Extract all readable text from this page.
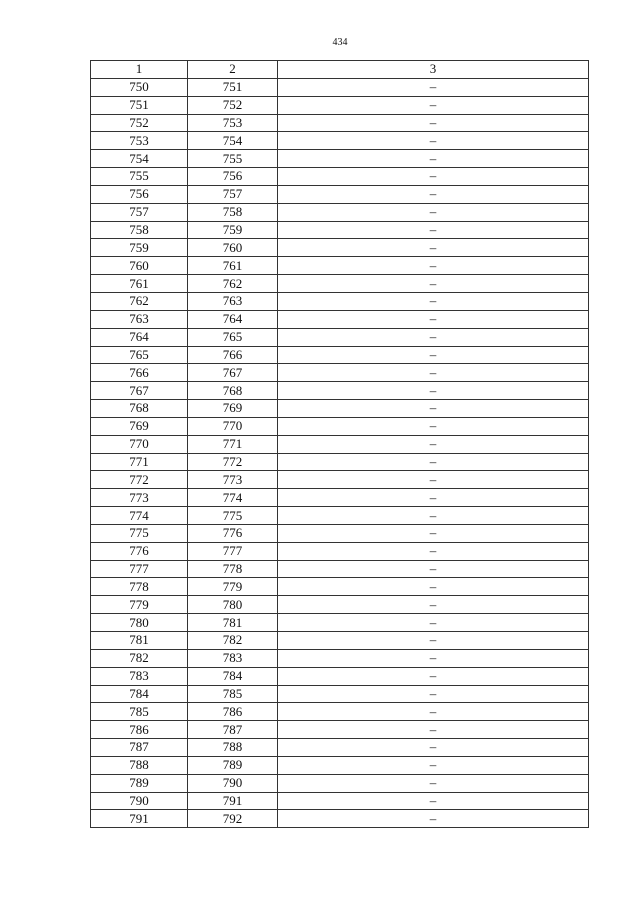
434
1	2	3
750	751	–
751	752	–
752	753	–
753	754	–
754	755	–
755	756	–
756	757	–
757	758	–
758	759	–
759	760	–
760	761	–
761	762	–
762	763	–
763	764	–
764	765	–
765	766	–
766	767	–
767	768	–
768	769	–
769	770	–
770	771	–
771	772	–
772	773	–
773	774	–
774	775	–
775	776	–
776	777	–
777	778	–
778	779	–
779	780	–
780	781	–
781	782	–
782	783	–
783	784	–
784	785	–
785	786	–
786	787	–
787	788	–
788	789	–
789	790	–
790	791	–
791	792	–
